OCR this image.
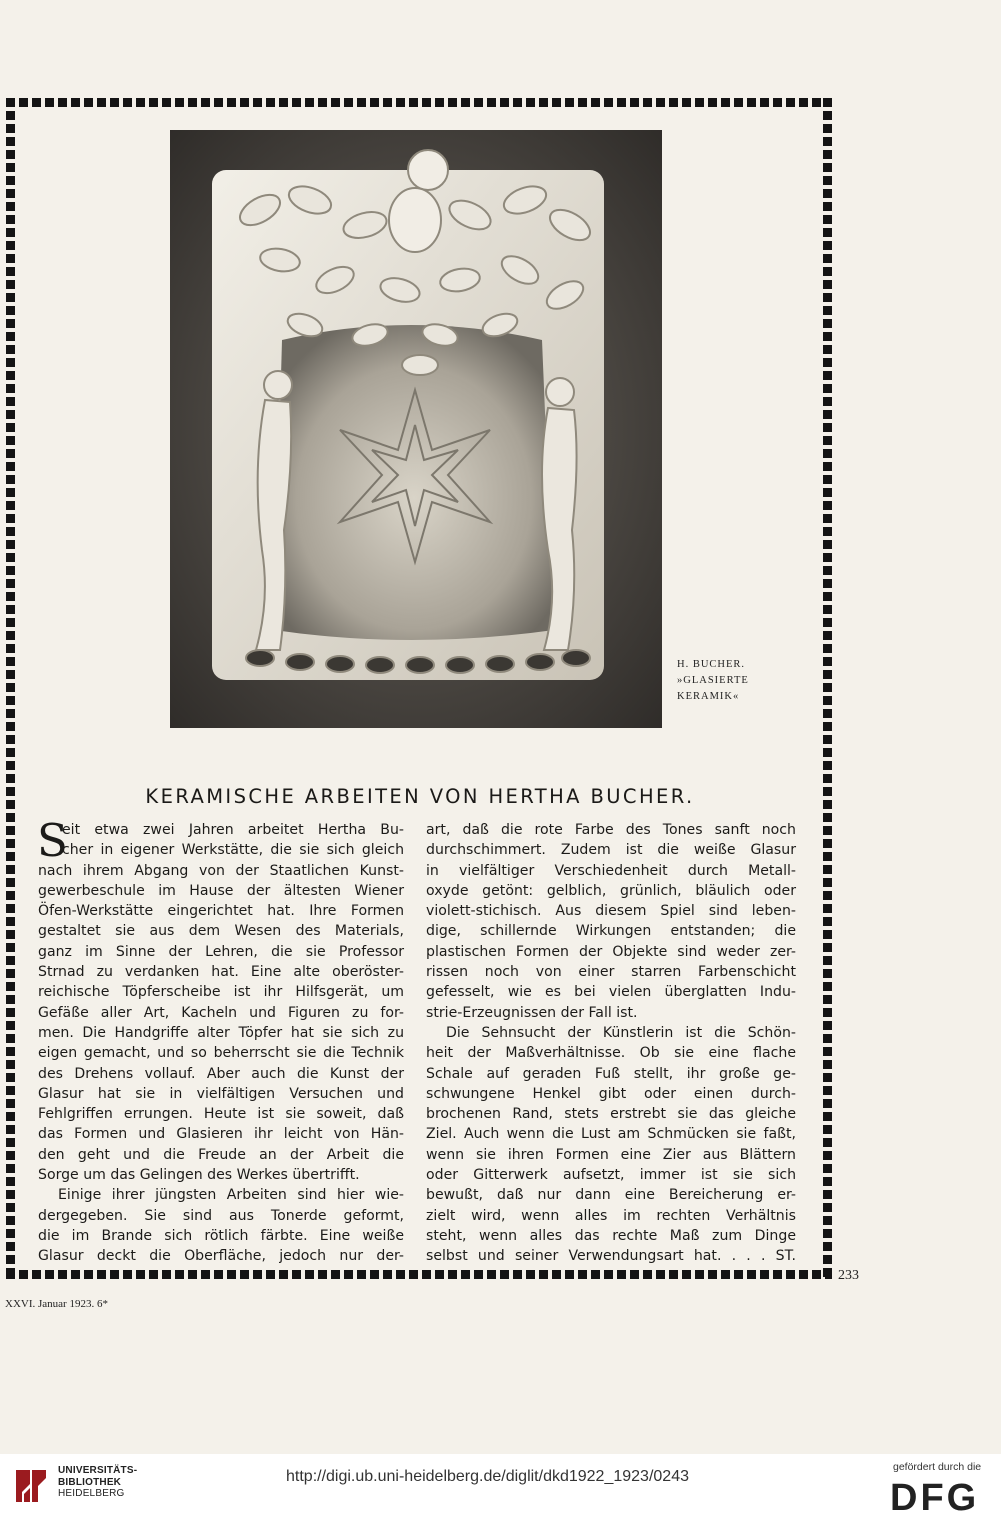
H. BUCHER.
»GLASIERTE
KERAMIK«
KERAMISCHE ARBEITEN VON HERTHA BUCHER.
S
eit etwa zwei Jahren arbeitet Hertha Bu-
cher in eigener Werkstätte, die sie sich gleich
nach ihrem Abgang von der Staatlichen Kunst-
gewerbeschule im Hause der ältesten Wiener
Öfen-Werkstätte eingerichtet hat. Ihre Formen
gestaltet sie aus dem Wesen des Materials,
ganz im Sinne der Lehren, die sie Professor
Strnad zu verdanken hat. Eine alte oberöster-
reichische Töpferscheibe ist ihr Hilfsgerät, um
Gefäße aller Art, Kacheln und Figuren zu for-
men. Die Handgriffe alter Töpfer hat sie sich zu
eigen gemacht, und so beherrscht sie die Technik
des Drehens vollauf. Aber auch die Kunst der
Glasur hat sie in vielfältigen Versuchen und
Fehlgriffen errungen. Heute ist sie soweit, daß
das Formen und Glasieren ihr leicht von Hän-
den geht und die Freude an der Arbeit die
Sorge um das Gelingen des Werkes übertrifft.
Einige ihrer jüngsten Arbeiten sind hier wie-
dergegeben. Sie sind aus Tonerde geformt,
die im Brande sich rötlich färbte. Eine weiße
Glasur deckt die Oberfläche, jedoch nur der-
art, daß die rote Farbe des Tones sanft noch
durchschimmert. Zudem ist die weiße Glasur
in vielfältiger Verschiedenheit durch Metall-
oxyde getönt: gelblich, grünlich, bläulich oder
violett-stichisch. Aus diesem Spiel sind leben-
dige, schillernde Wirkungen entstanden; die
plastischen Formen der Objekte sind weder zer-
rissen noch von einer starren Farbenschicht
gefesselt, wie es bei vielen überglatten Indu-
strie-Erzeugnissen der Fall ist.
Die Sehnsucht der Künstlerin ist die Schön-
heit der Maßverhältnisse. Ob sie eine flache
Schale auf geraden Fuß stellt, ihr große ge-
schwungene Henkel gibt oder einen durch-
brochenen Rand, stets erstrebt sie das gleiche
Ziel. Auch wenn die Lust am Schmücken sie faßt,
wenn sie ihren Formen eine Zier aus Blättern
oder Gitterwerk aufsetzt, immer ist sie sich
bewußt, daß nur dann eine Bereicherung er-
zielt wird, wenn alles im rechten Verhältnis
steht, wenn alles das rechte Maß zum Dinge
selbst und seiner Verwendungsart hat. . . . ST.
233
XXVI. Januar 1923. 6*
UNIVERSITÄTS-
BIBLIOTHEK
HEIDELBERG
http://digi.ub.uni-heidelberg.de/diglit/dkd1922_1923/0243
gefördert durch die
DFG
